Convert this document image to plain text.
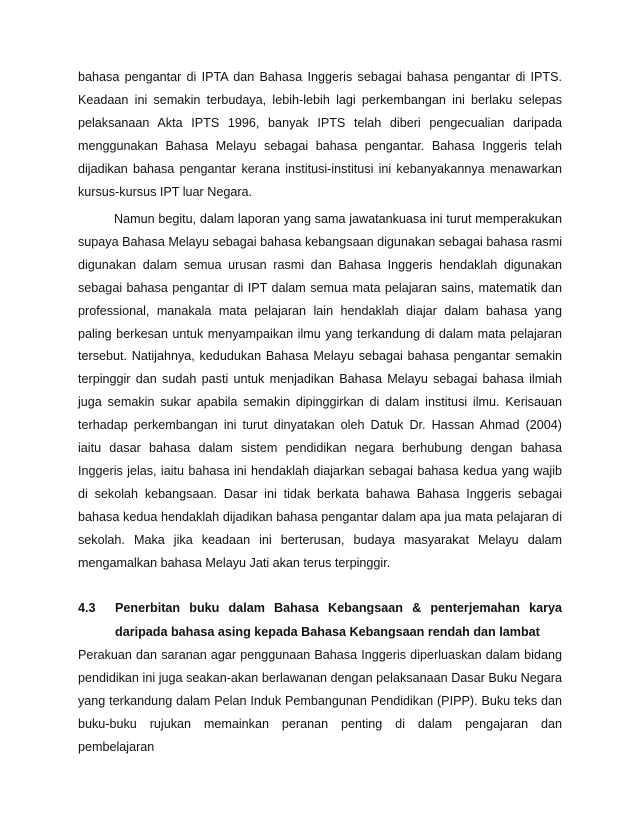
bahasa pengantar di IPTA dan Bahasa Inggeris sebagai bahasa pengantar di IPTS. Keadaan ini semakin terbudaya, lebih-lebih lagi perkembangan ini berlaku selepas pelaksanaan Akta IPTS 1996, banyak IPTS telah diberi pengecualian daripada menggunakan Bahasa Melayu sebagai bahasa pengantar. Bahasa Inggeris telah dijadikan bahasa pengantar kerana institusi-institusi ini kebanyakannya menawarkan kursus-kursus IPT luar Negara.

Namun begitu, dalam laporan yang sama jawatankuasa ini turut memperakukan supaya Bahasa Melayu sebagai bahasa kebangsaan digunakan sebagai bahasa rasmi digunakan dalam semua urusan rasmi dan Bahasa Inggeris hendaklah digunakan sebagai bahasa pengantar di IPT dalam semua mata pelajaran sains, matematik dan professional, manakala mata pelajaran lain hendaklah diajar dalam bahasa yang paling berkesan untuk menyampaikan ilmu yang terkandung di dalam mata pelajaran tersebut. Natijahnya, kedudukan Bahasa Melayu sebagai bahasa pengantar semakin terpinggir dan sudah pasti untuk menjadikan Bahasa Melayu sebagai bahasa ilmiah juga semakin sukar apabila semakin dipinggirkan di dalam institusi ilmu. Kerisauan terhadap perkembangan ini turut dinyatakan oleh Datuk Dr. Hassan Ahmad (2004) iaitu dasar bahasa dalam sistem pendidikan negara berhubung dengan bahasa Inggeris jelas, iaitu bahasa ini hendaklah diajarkan sebagai bahasa kedua yang wajib di sekolah kebangsaan. Dasar ini tidak berkata bahawa Bahasa Inggeris sebagai bahasa kedua hendaklah dijadikan bahasa pengantar dalam apa jua mata pelajaran di sekolah. Maka jika keadaan ini berterusan, budaya masyarakat Melayu dalam mengamalkan bahasa Melayu Jati akan terus terpinggir.

4.3 Penerbitan buku dalam Bahasa Kebangsaan & penterjemahan karya daripada bahasa asing kepada Bahasa Kebangsaan rendah dan lambat

Perakuan dan saranan agar penggunaan Bahasa Inggeris diperluaskan dalam bidang pendidikan ini juga seakan-akan berlawanan dengan pelaksanaan Dasar Buku Negara yang terkandung dalam Pelan Induk Pembangunan Pendidikan (PIPP). Buku teks dan buku-buku rujukan memainkan peranan penting di dalam pengajaran dan pembelajaran
